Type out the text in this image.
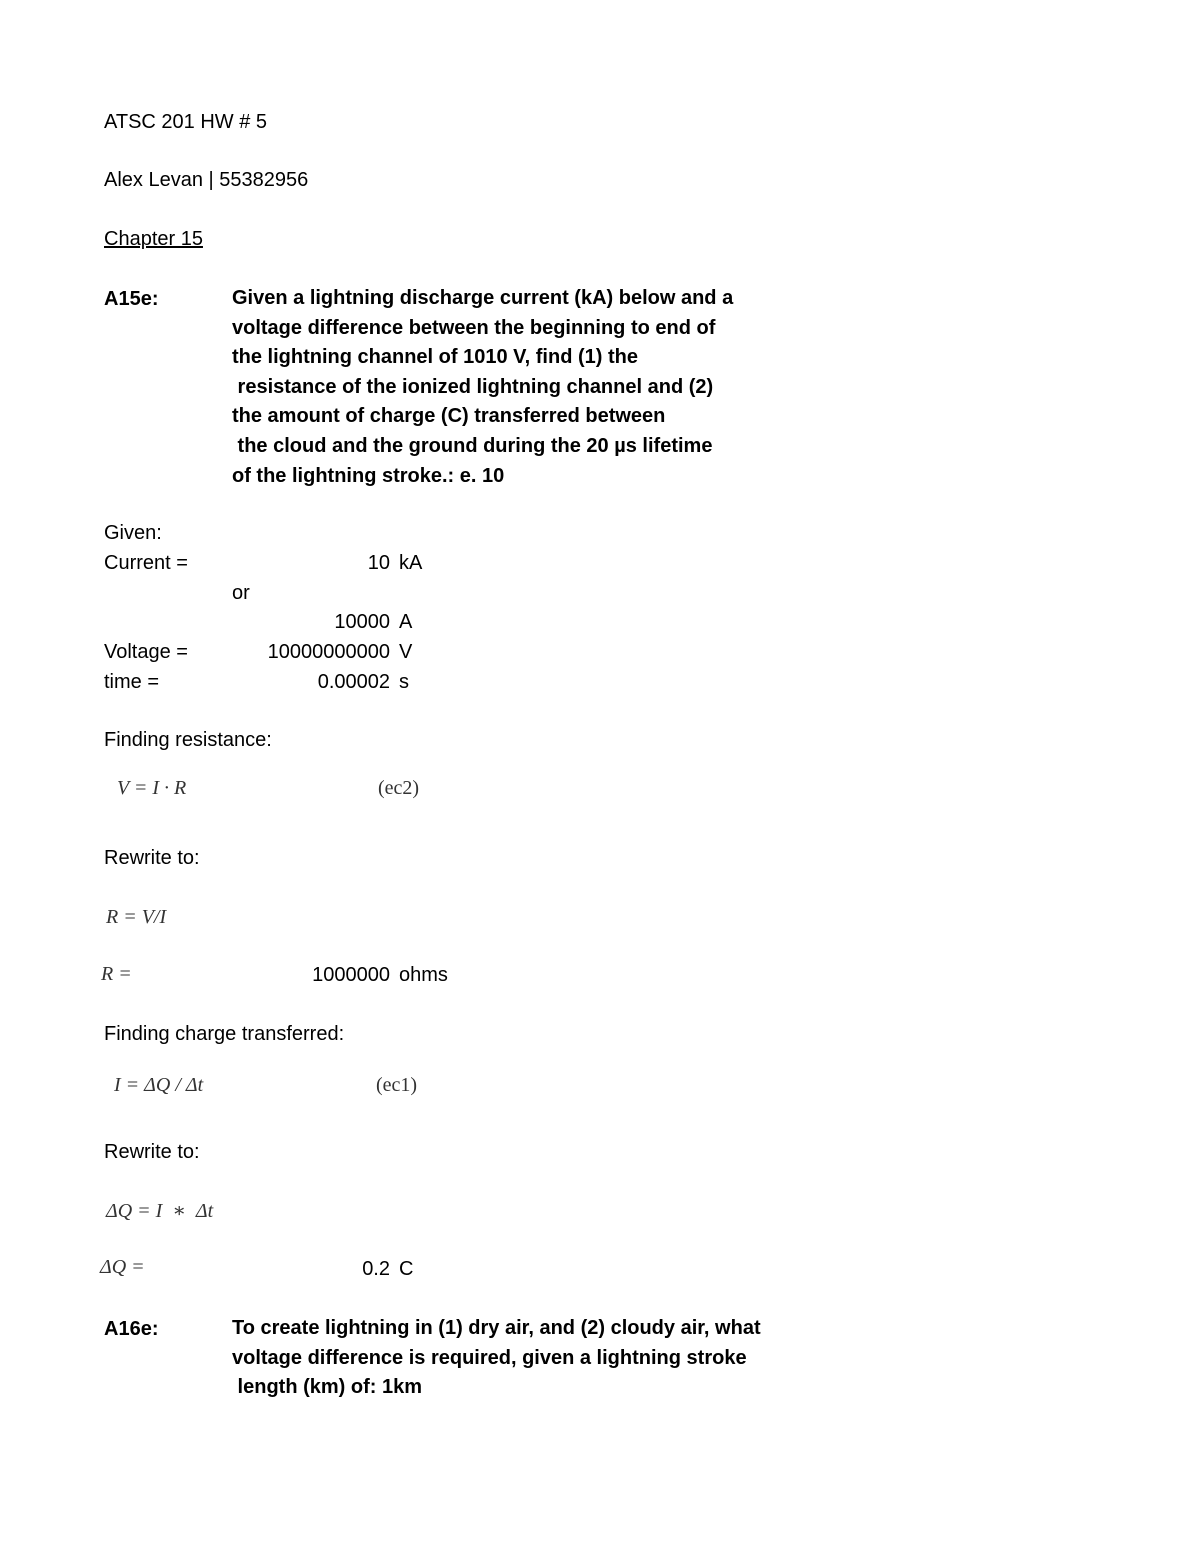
ATSC 201 HW # 5
Alex Levan | 55382956
Chapter 15
A15e:	Given a lightning discharge current (kA) below and a
voltage difference between the beginning to end of
the lightning channel of 1010 V, find (1) the
resistance of the ionized lightning channel and (2)
the amount of charge (C) transferred between
the cloud and the ground during the 20 µs lifetime
of the lightning stroke.: e. 10
Given:
Current =	10 kA
or
10000 A
Voltage =	10000000000 V
time =	0.00002 s
Finding resistance:
V = I · R	(ec2)
Rewrite to:
R = V/I
R =	1000000 ohms
Finding charge transferred:
I = ΔQ / Δt	(ec1)
Rewrite to:
ΔQ = I  ∗  Δt
ΔQ =	0.2 C
A16e:	To create lightning in (1) dry air, and (2) cloudy air, what
voltage difference is required, given a lightning stroke
length (km) of: 1km
